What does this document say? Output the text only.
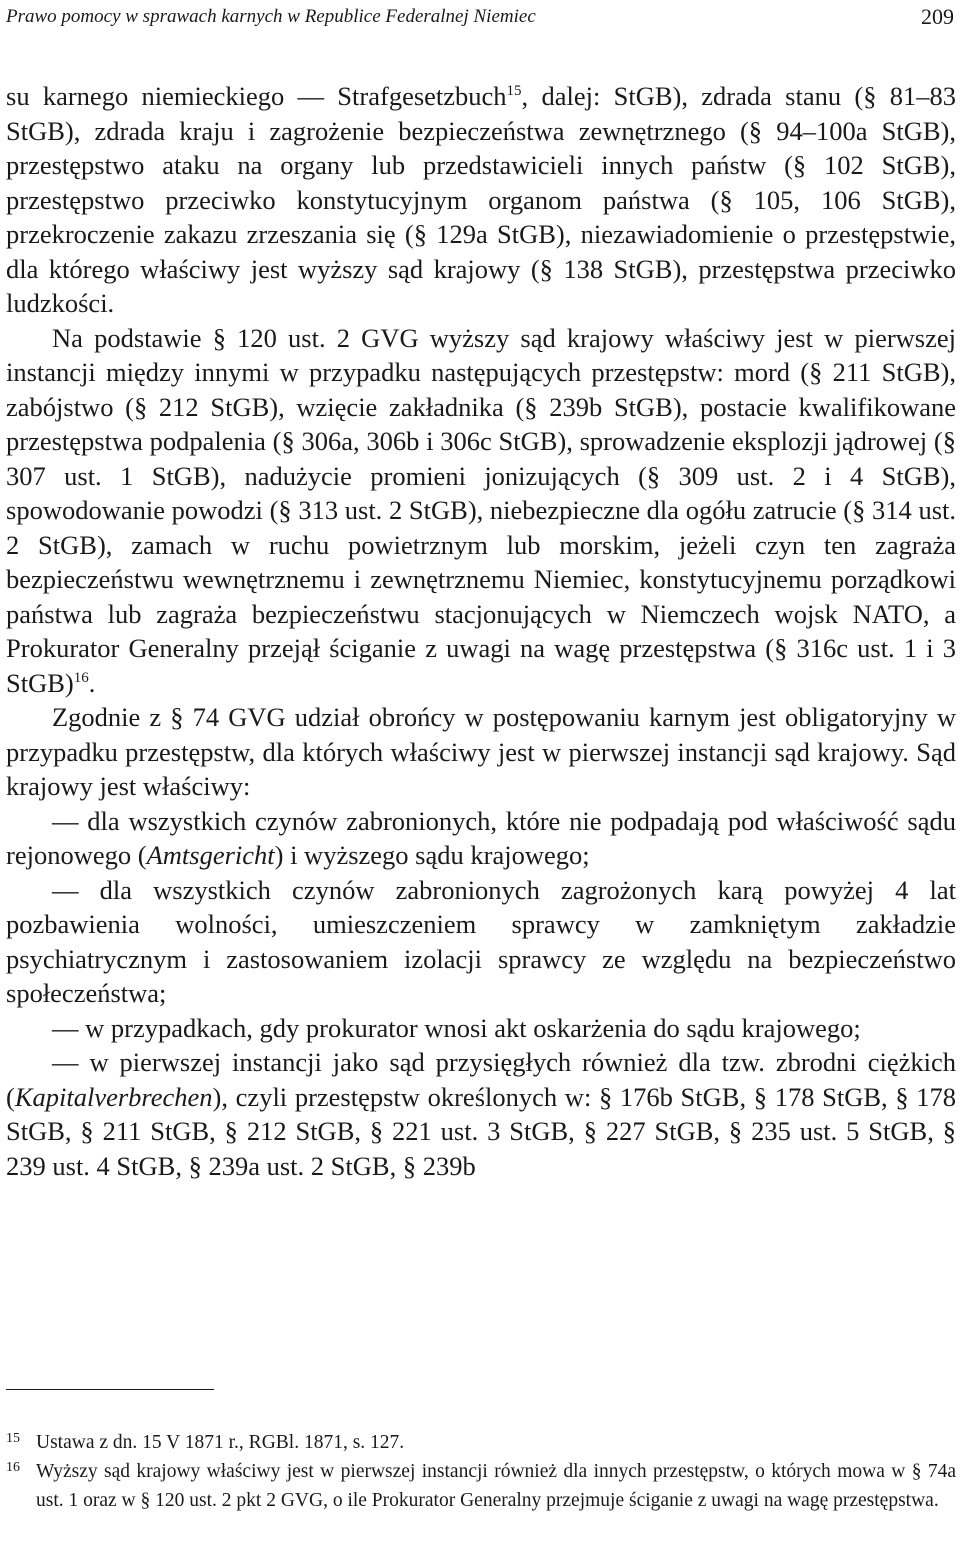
Prawo pomocy w sprawach karnych w Republice Federalnej Niemiec	209

su karnego niemieckiego — Strafgesetzbuch$^{15}$, dalej: StGB), zdrada stanu (§ 81–83 StGB), zdrada kraju i zagrożenie bezpieczeństwa zewnętrznego (§ 94–100a StGB), przestępstwo ataku na organy lub przedstawicieli innych państw (§ 102 StGB), przestępstwo przeciwko konstytucyjnym organom państwa (§ 105, 106 StGB), przekroczenie zakazu zrzeszania się (§ 129a StGB), niezawiadomienie o przestępstwie, dla którego właściwy jest wyższy sąd krajowy (§ 138 StGB), przestępstwa przeciwko ludzkości.

Na podstawie § 120 ust. 2 GVG wyższy sąd krajowy właściwy jest w pierwszej instancji między innymi w przypadku następujących przestępstw: mord (§ 211 StGB), zabójstwo (§ 212 StGB), wzięcie zakładnika (§ 239b StGB), postacie kwalifikowane przestępstwa podpalenia (§ 306a, 306b i 306c StGB), sprowadzenie eksplozji jądrowej (§ 307 ust. 1 StGB), nadużycie promieni jonizujących (§ 309 ust. 2 i 4 StGB), spowodowanie powodzi (§ 313 ust. 2 StGB), niebezpieczne dla ogółu zatrucie (§ 314 ust. 2 StGB), zamach w ruchu powietrznym lub morskim, jeżeli czyn ten zagraża bezpieczeństwu wewnętrznemu i zewnętrznemu Niemiec, konstytucyjnemu porządkowi państwa lub zagraża bezpieczeństwu stacjonujących w Niemczech wojsk NATO, a Prokurator Generalny przejął ściganie z uwagi na wagę przestępstwa (§ 316c ust. 1 i 3 StGB)$^{16}$.

Zgodnie z § 74 GVG udział obrońcy w postępowaniu karnym jest obligatoryjny w przypadku przestępstw, dla których właściwy jest w pierwszej instancji sąd krajowy. Sąd krajowy jest właściwy:

— dla wszystkich czynów zabronionych, które nie podpadają pod właściwość sądu rejonowego (Amtsgericht) i wyższego sądu krajowego;

— dla wszystkich czynów zabronionych zagrożonych karą powyżej 4 lat pozbawienia wolności, umieszczeniem sprawcy w zamkniętym zakładzie psychiatrycznym i zastosowaniem izolacji sprawcy ze względu na bezpieczeństwo społeczeństwa;

— w przypadkach, gdy prokurator wnosi akt oskarżenia do sądu krajowego;

— w pierwszej instancji jako sąd przysięgłych również dla tzw. zbrodni ciężkich (Kapitalverbrechen), czyli przestępstw określonych w: § 176b StGB, § 178 StGB, § 178 StGB, § 211 StGB, § 212 StGB, § 221 ust. 3 StGB, § 227 StGB, § 235 ust. 5 StGB, § 239 ust. 4 StGB, § 239a ust. 2 StGB, § 239b

15 Ustawa z dn. 15 V 1871 r., RGBl. 1871, s. 127.

16 Wyższy sąd krajowy właściwy jest w pierwszej instancji również dla innych przestępstw, o których mowa w § 74a ust. 1 oraz w § 120 ust. 2 pkt 2 GVG, o ile Prokurator Generalny przejmuje ściganie z uwagi na wagę przestępstwa.
